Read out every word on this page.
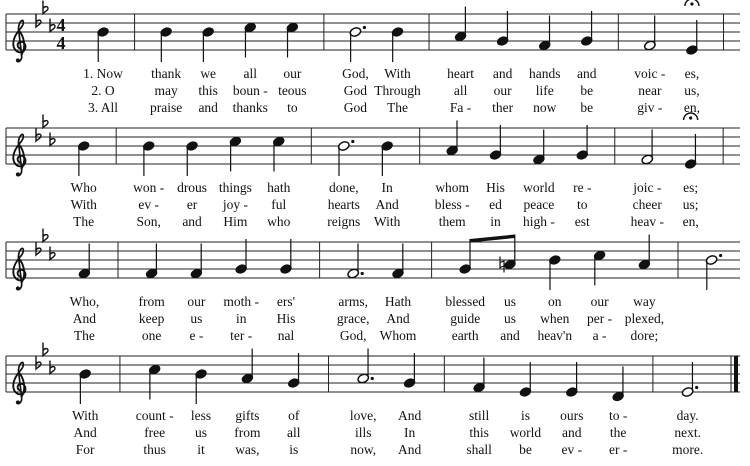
4
4
1. Now thank we all our	God, With	heart and hands and	voic - es,
2. O	may this boun - teous	God Through all our life be	near us,
3. All praise and thanks to	God The	Fa - ther now be	giv - en,
Who	won - drous things hath	done, In	whom His world re -	joic - es;
With	ev - er joy - ful	hearts And	bless - ed peace to	cheer us;
The	Son, and Him who	reigns With	them in high - est	heav - en,
Who,	from our moth - ers'	arms, Hath	blessed us on our way
And	keep us in His	grace, And	guide us when per - plexed,
The	one e - ter - nal	God, Whom	earth and heav'n a - dore;
With	count - less gifts of	love, And	still is ours to -	day.
And	free us from all	ills In	this world and the	next.
For	thus it was, is	now, And	shall be ev - er -	more.
